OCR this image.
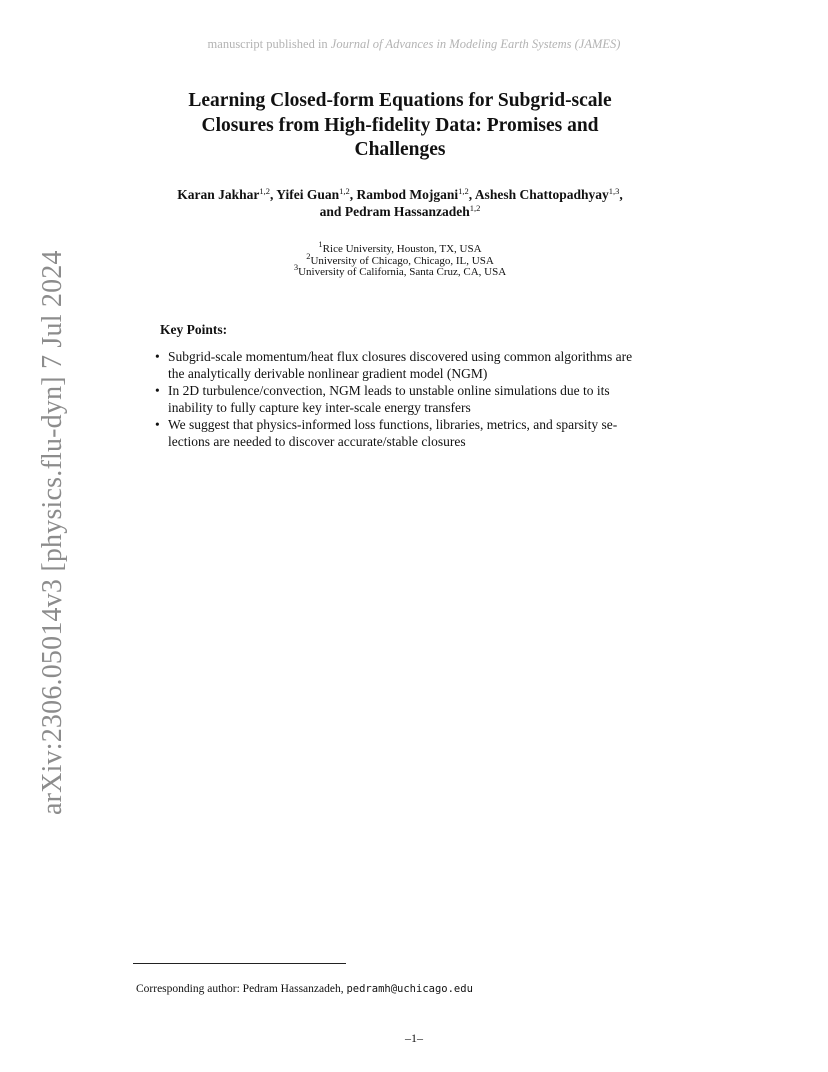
manuscript published in Journal of Advances in Modeling Earth Systems (JAMES)
arXiv:2306.05014v3 [physics.flu-dyn] 7 Jul 2024
Learning Closed-form Equations for Subgrid-scale
Closures from High-fidelity Data: Promises and
Challenges
Karan Jakhar$^{1,2}$, Yifei Guan$^{1,2}$, Rambod Mojgani$^{1,2}$, Ashesh Chattopadhyay$^{1,3}$,
and Pedram Hassanzadeh$^{1,2}$
$^1$Rice University, Houston, TX, USA
$^2$University of Chicago, Chicago, IL, USA
$^3$University of California, Santa Cruz, CA, USA
Key Points:
• Subgrid-scale momentum/heat flux closures discovered using common algorithms are
the analytically derivable nonlinear gradient model (NGM)
• In 2D turbulence/convection, NGM leads to unstable online simulations due to its
inability to fully capture key inter-scale energy transfers
• We suggest that physics-informed loss functions, libraries, metrics, and sparsity se-
lections are needed to discover accurate/stable closures
Corresponding author: Pedram Hassanzadeh, pedramh@uchicago.edu
–1–
